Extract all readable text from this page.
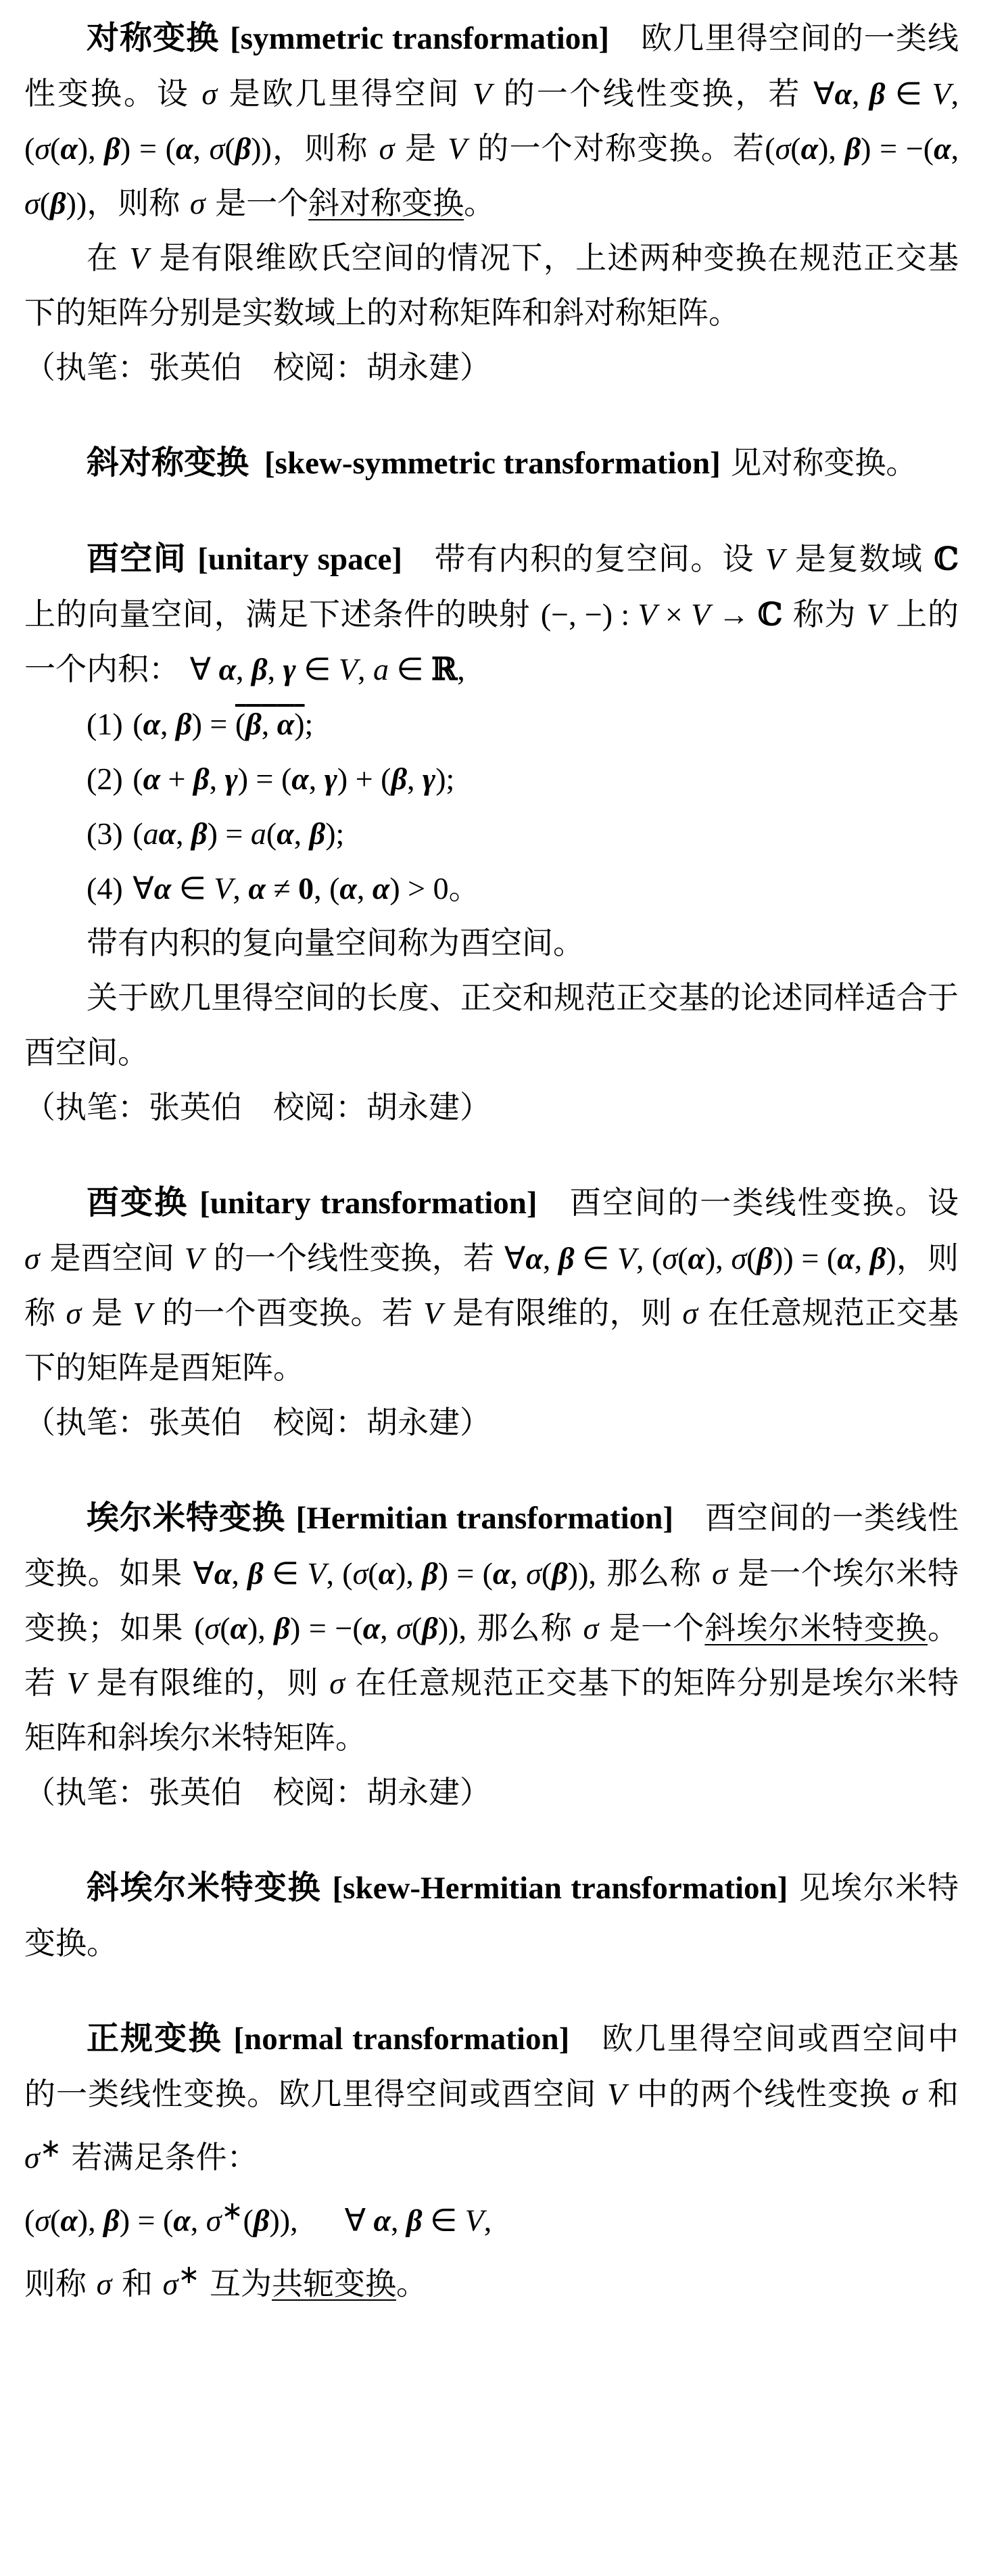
对称变换 [symmetric transformation]  欧几里得空间的一类线性变换。设 σ 是欧几里得空间 V 的一个线性变换，若 ∀α, β ∈ V, (σ(α), β) = (α, σ(β))，则称 σ 是 V 的一个对称变换。若(σ(α), β) = −(α, σ(β))，则称 σ 是一个斜对称变换。

在 V 是有限维欧氏空间的情况下，上述两种变换在规范正交基下的矩阵分别是实数域上的对称矩阵和斜对称矩阵。

（执笔：张英伯　校阅：胡永建）

斜对称变换  [skew-symmetric transformation] 见对称变换。

酉空间 [unitary space]  带有内积的复空间。设 V 是复数域 ℂ 上的向量空间，满足下述条件的映射 (−, −) : V × V → ℂ 称为 V 上的一个内积： ∀ α, β, γ ∈ V, a ∈ ℝ,

(1) (α, β) = (β, α);

(2) (α + β, γ) = (α, γ) + (β, γ);

(3) (aα, β) = a(α, β);

(4) ∀α ∈ V, α ≠ 0, (α, α) > 0。

带有内积的复向量空间称为酉空间。

关于欧几里得空间的长度、正交和规范正交基的论述同样适合于酉空间。

（执笔：张英伯　校阅：胡永建）

酉变换 [unitary transformation]  酉空间的一类线性变换。设 σ 是酉空间 V 的一个线性变换，若 ∀α, β ∈ V, (σ(α), σ(β)) = (α, β)，则称 σ 是 V 的一个酉变换。若 V 是有限维的，则 σ 在任意规范正交基下的矩阵是酉矩阵。

（执笔：张英伯　校阅：胡永建）

埃尔米特变换 [Hermitian transformation]  酉空间的一类线性变换。如果 ∀α, β ∈ V, (σ(α), β) = (α, σ(β)), 那么称 σ 是一个埃尔米特变换；如果 (σ(α), β) = −(α, σ(β)), 那么称 σ 是一个斜埃尔米特变换。若 V 是有限维的，则 σ 在任意规范正交基下的矩阵分别是埃尔米特矩阵和斜埃尔米特矩阵。

（执笔：张英伯　校阅：胡永建）

斜埃尔米特变换 [skew-Hermitian transformation] 见埃尔米特变换。

正规变换 [normal transformation]  欧几里得空间或酉空间中的一类线性变换。欧几里得空间或酉空间 V 中的两个线性变换 σ 和 σ∗ 若满足条件：

(σ(α), β) = (α, σ∗(β)),  ∀ α, β ∈ V,

则称 σ 和 σ∗ 互为共轭变换。
